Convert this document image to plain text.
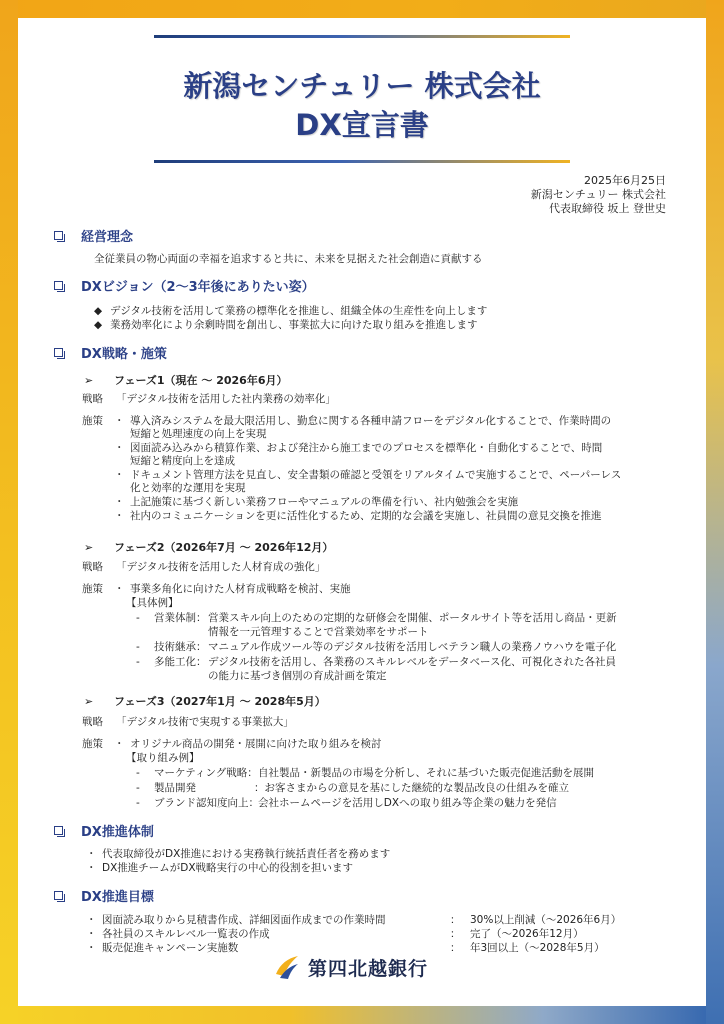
新潟センチュリー 株式会社
DX宣言書
2025年6月25日
新潟センチュリー 株式会社
代表取締役 坂上 登世史
経営理念
全従業員の物心両面の幸福を追求すると共に、未来を見据えた社会創造に貢献する
DXビジョン（2～3年後にありたい姿）
◆ デジタル技術を活用して業務の標準化を推進し、組織全体の生産性を向上します
◆ 業務効率化により余剰時間を創出し、事業拡大に向けた取り組みを推進します
DX戦略・施策
➢ フェーズ1（現在 ～ 2026年6月）
戦略 「デジタル技術を活用した社内業務の効率化」
施策 ・ 導入済みシステムを最大限活用し、勤怠に関する各種申請フローをデジタル化することで、作業時間の
短縮と処理速度の向上を実現
・ 図面読み込みから積算作業、および発注から施工までのプロセスを標準化・自動化することで、時間
短縮と精度向上を達成
・ ドキュメント管理方法を見直し、安全書類の確認と受領をリアルタイムで実施することで、ペーパーレス
化と効率的な運用を実現
・ 上記施策に基づく新しい業務フローやマニュアルの準備を行い、社内勉強会を実施
・ 社内のコミュニケーションを更に活性化するため、定期的な会議を実施し、社員間の意見交換を推進
➢ フェーズ2（2026年7月 ～ 2026年12月）
戦略 「デジタル技術を活用した人材育成の強化」
施策 ・ 事業多角化に向けた人材育成戦略を検討、実施
【具体例】
- 営業体制： 営業スキル向上のための定期的な研修会を開催、ポータルサイト等を活用し商品・更新
情報を一元管理することで営業効率をサポート
- 技術継承： マニュアル作成ツール等のデジタル技術を活用しベテラン職人の業務ノウハウを電子化
- 多能工化： デジタル技術を活用し、各業務のスキルレベルをデータベース化、可視化された各社員
の能力に基づき個別の育成計画を策定
➢ フェーズ3（2027年1月 ～ 2028年5月）
戦略 「デジタル技術で実現する事業拡大」
施策 ・ オリジナル商品の開発・展開に向けた取り組みを検討
【取り組み例】
- マーケティング戦略： 自社製品・新製品の市場を分析し、それに基づいた販売促進活動を展開
- 製品開発	：お客さまからの意見を基にした継続的な製品改良の仕組みを確立
- ブランド認知度向上： 会社ホームページを活用しDXへの取り組み等企業の魅力を発信
DX推進体制
・ 代表取締役がDX推進における実務執行統括責任者を務めます
・ DX推進チームがDX戦略実行の中心的役割を担います
DX推進目標
・ 図面読み取りから見積書作成、詳細図面作成までの作業時間	： 30%以上削減（～2026年6月）
・ 各社員のスキルレベル一覧表の作成	： 完了（～2026年12月）
・ 販売促進キャンペーン実施数	： 年3回以上（～2028年5月）
第四北越銀行
